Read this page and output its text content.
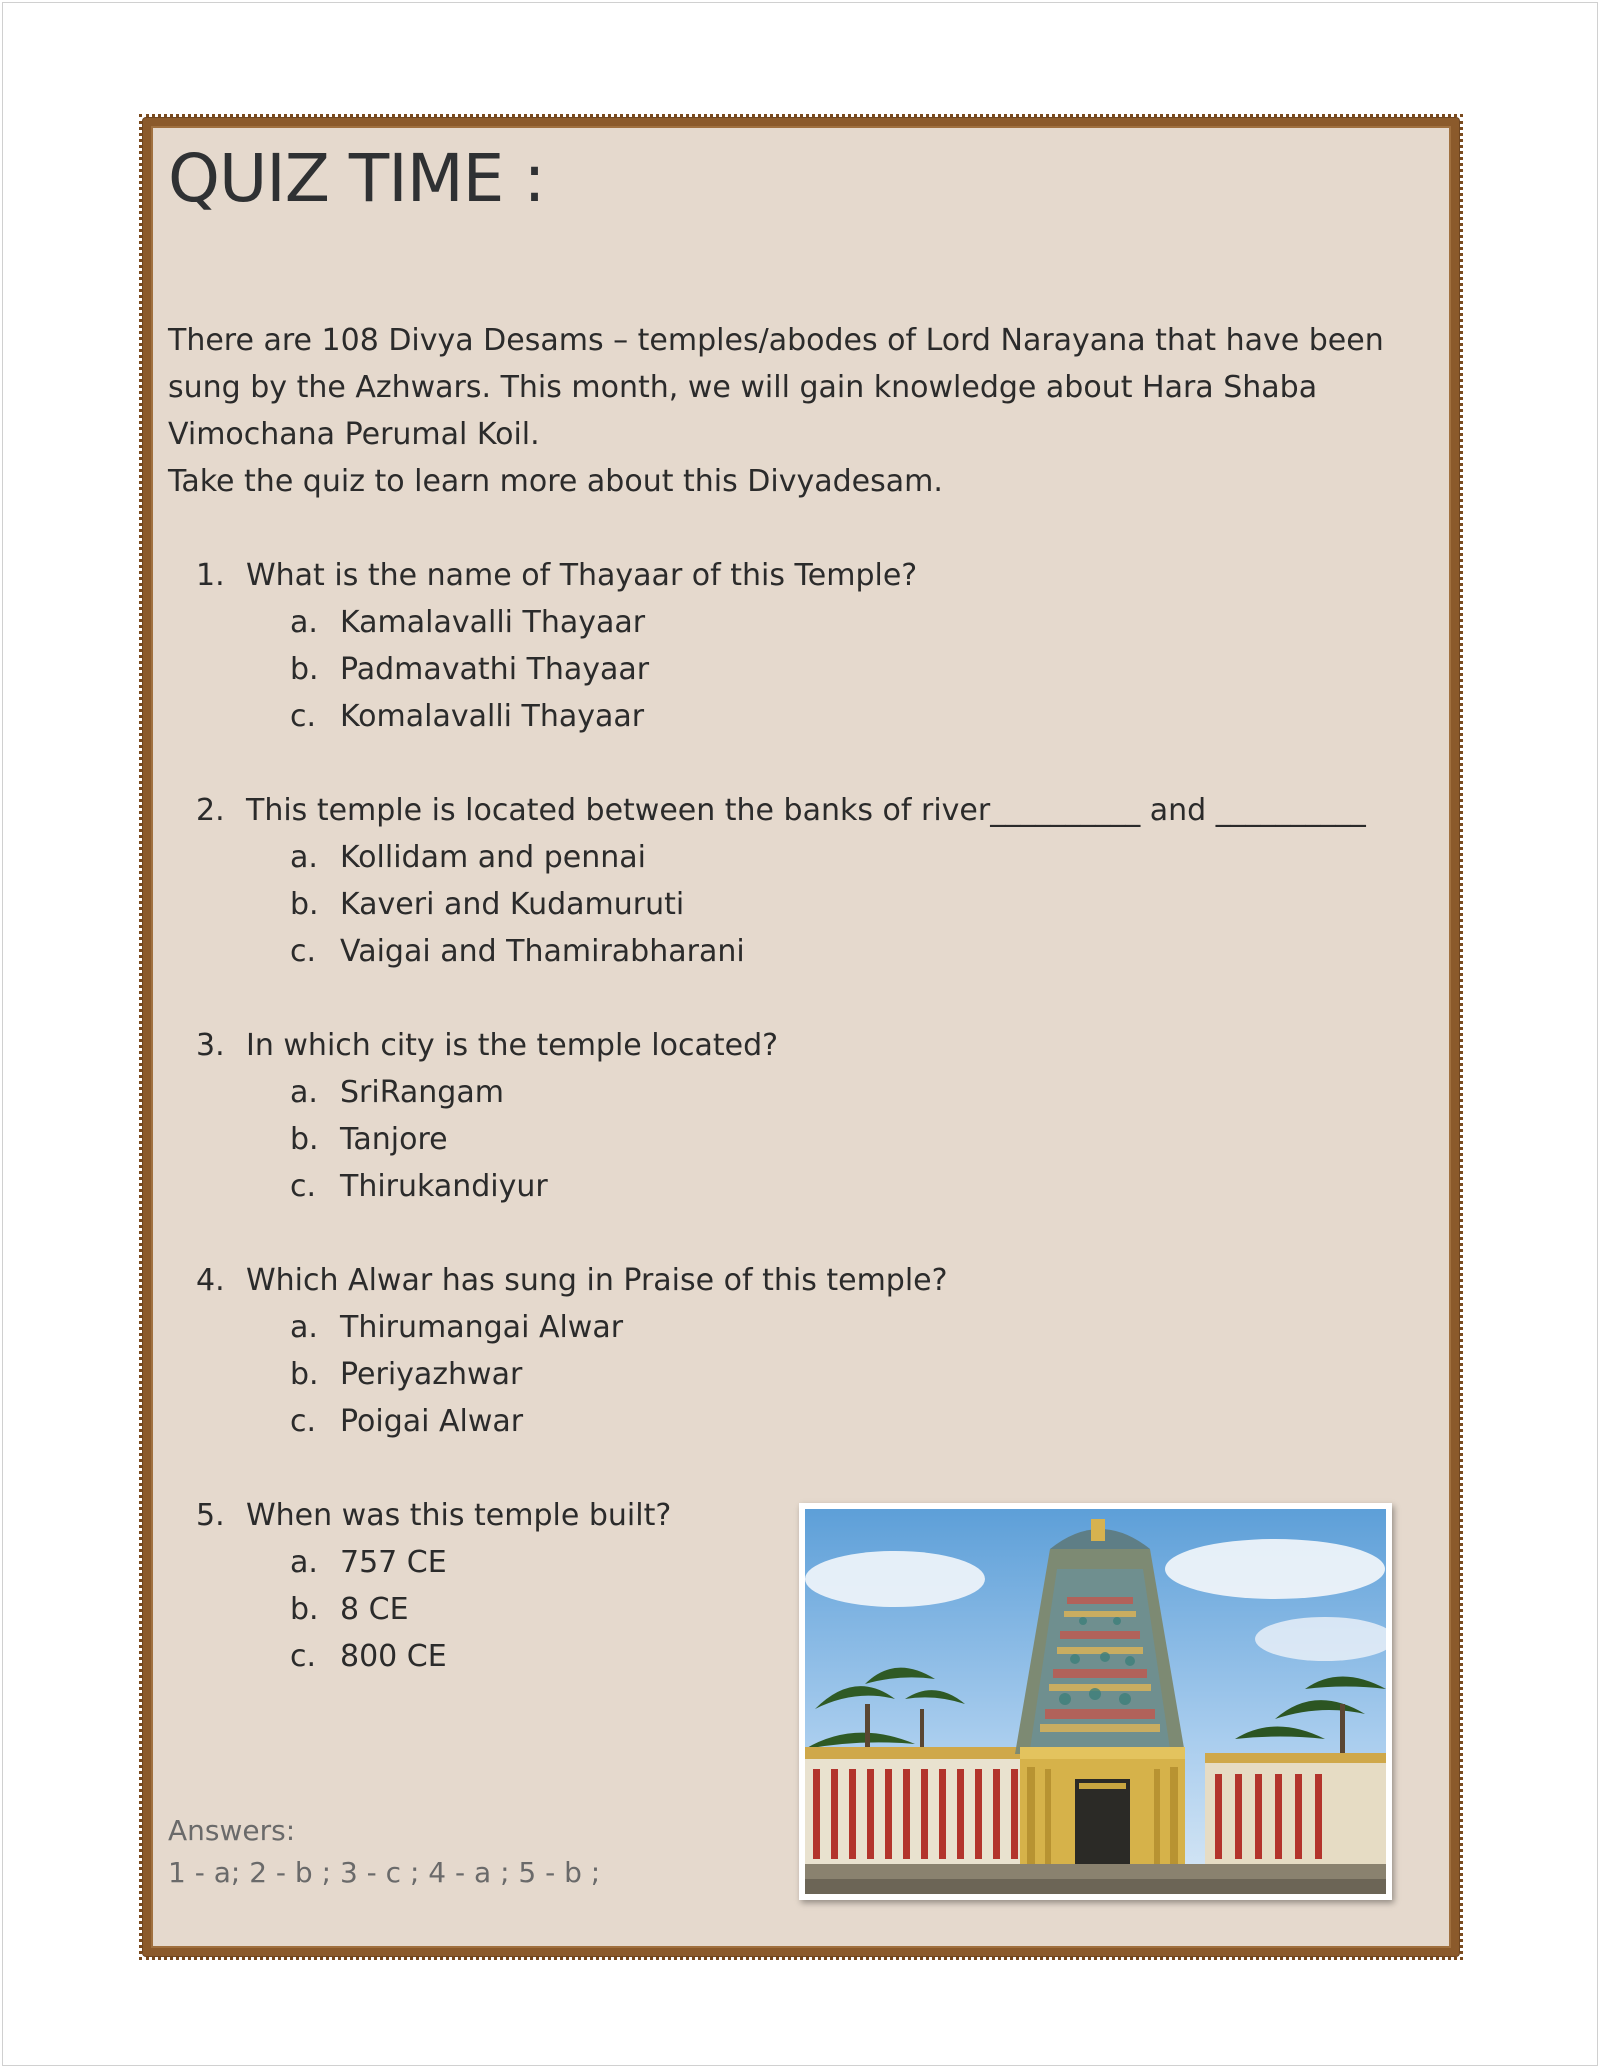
QUIZ TIME :

There are 108 Divya Desams – temples/abodes of Lord Narayana that have been sung by the Azhwars. This month, we will gain knowledge about Hara Shaba Vimochana Perumal Koil.

Take the quiz to learn more about this Divyadesam.

1. What is the name of Thayaar of this Temple?
a. Kamalavalli Thayaar
b. Padmavathi Thayaar
c. Komalavalli Thayaar
2. This temple is located between the banks of river__________ and __________
a. Kollidam and pennai
b. Kaveri and Kudamuruti
c. Vaigai and Thamirabharani
3. In which city is the temple located?
a. SriRangam
b. Tanjore
c. Thirukandiyur
4. Which Alwar has sung in Praise of this temple?
a. Thirumangai Alwar
b. Periyazhwar
c. Poigai Alwar
5. When was this temple built?
a. 757 CE
b. 8 CE
c. 800 CE
Answers:
1 - a; 2 - b ; 3 - c ; 4 - a ; 5 - b ;
